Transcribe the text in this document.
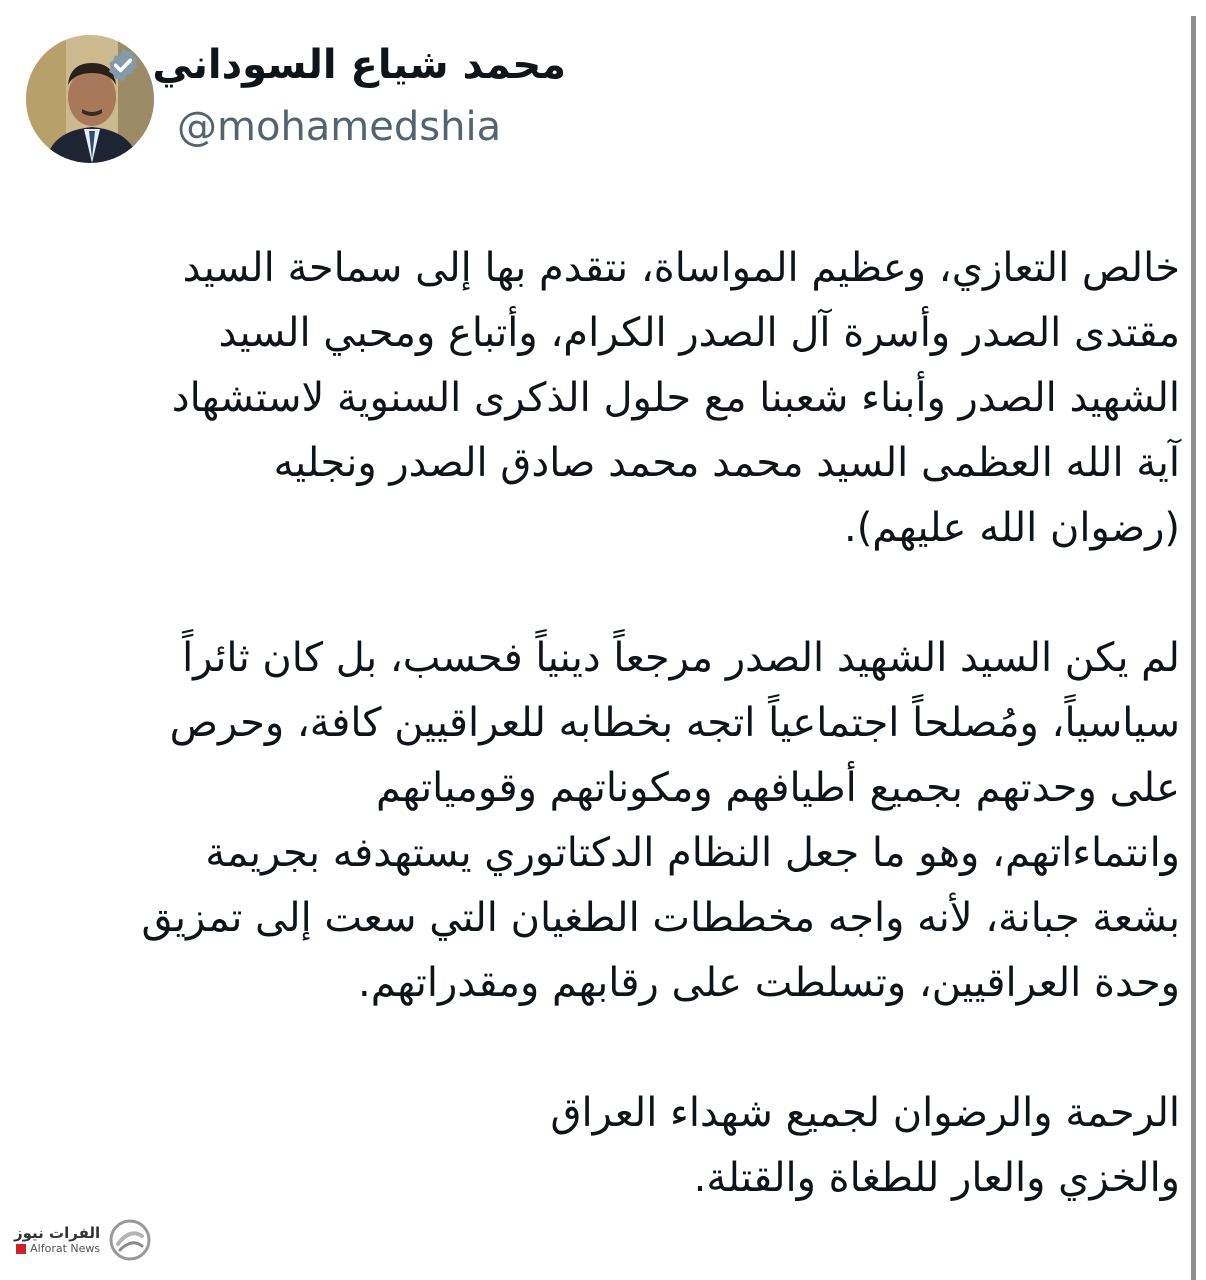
محمد شياع السوداني
@mohamedshia
خالص التعازي، وعظيم المواساة، نتقدم بها إلى سماحة السيد
مقتدى الصدر وأسرة آل الصدر الكرام، وأتباع ومحبي السيد
الشهيد الصدر وأبناء شعبنا مع حلول الذكرى السنوية لاستشهاد
آية الله العظمى السيد محمد محمد صادق الصدر ونجليه
(رضوان الله عليهم).
لم يكن السيد الشهيد الصدر مرجعاً دينياً فحسب، بل كان ثائراً
سياسياً، ومُصلحاً اجتماعياً اتجه بخطابه للعراقيين كافة، وحرص
على وحدتهم بجميع أطيافهم ومكوناتهم وقومياتهم
وانتماءاتهم، وهو ما جعل النظام الدكتاتوري يستهدفه بجريمة
بشعة جبانة، لأنه واجه مخططات الطغيان التي سعت إلى تمزيق
وحدة العراقيين، وتسلطت على رقابهم ومقدراتهم.
الرحمة والرضوان لجميع شهداء العراق
والخزي والعار للطغاة والقتلة.
الفرات نيوز
Alforat News
